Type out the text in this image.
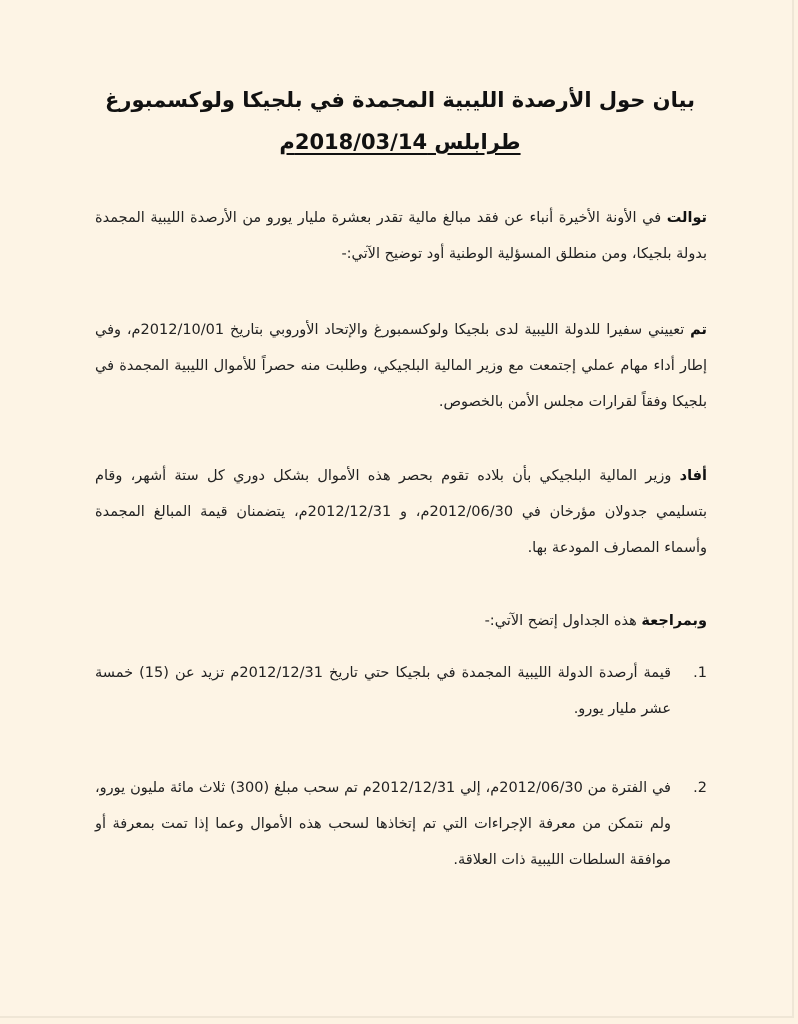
بيان حول الأرصدة الليبية المجمدة في بلجيكا ولوكسمبورغ
طرابلس 2018/03/14م
توالت في الأونة الأخيرة أنباء عن فقد مبالغ مالية تقدر بعشرة مليار يورو من الأرصدة الليبية المجمدة بدولة بلجيكا، ومن منطلق المسؤلية الوطنية أود توضيح الآتي:-
تم تعييني سفيرا للدولة الليبية لدى بلجيكا ولوكسمبورغ والإتحاد الأوروبي بتاريخ 2012/10/01م، وفي إطار أداء مهام عملي إجتمعت مع وزير المالية البلجيكي، وطلبت منه حصراً للأموال الليبية المجمدة في بلجيكا وفقاً لقرارات مجلس الأمن بالخصوص.
أفاد وزير المالية البلجيكي بأن بلاده تقوم بحصر هذه الأموال بشكل دوري كل ستة أشهر، وقام بتسليمي جدولان مؤرخان في 2012/06/30م، و 2012/12/31م، يتضمنان قيمة المبالغ المجمدة وأسماء المصارف المودعة بها.
وبمراجعة هذه الجداول إتضح الآتي:-
1.
قيمة أرصدة الدولة الليبية المجمدة في بلجيكا حتي تاريخ 2012/12/31م تزيد عن (15) خمسة عشر مليار يورو.
2.
في الفترة من 2012/06/30م، إلي 2012/12/31م تم سحب مبلغ (300) ثلاث مائة مليون يورو، ولم نتمكن من معرفة الإجراءات التي تم إتخاذها لسحب هذه الأموال وعما إذا تمت بمعرفة أو موافقة السلطات الليبية ذات العلاقة.
